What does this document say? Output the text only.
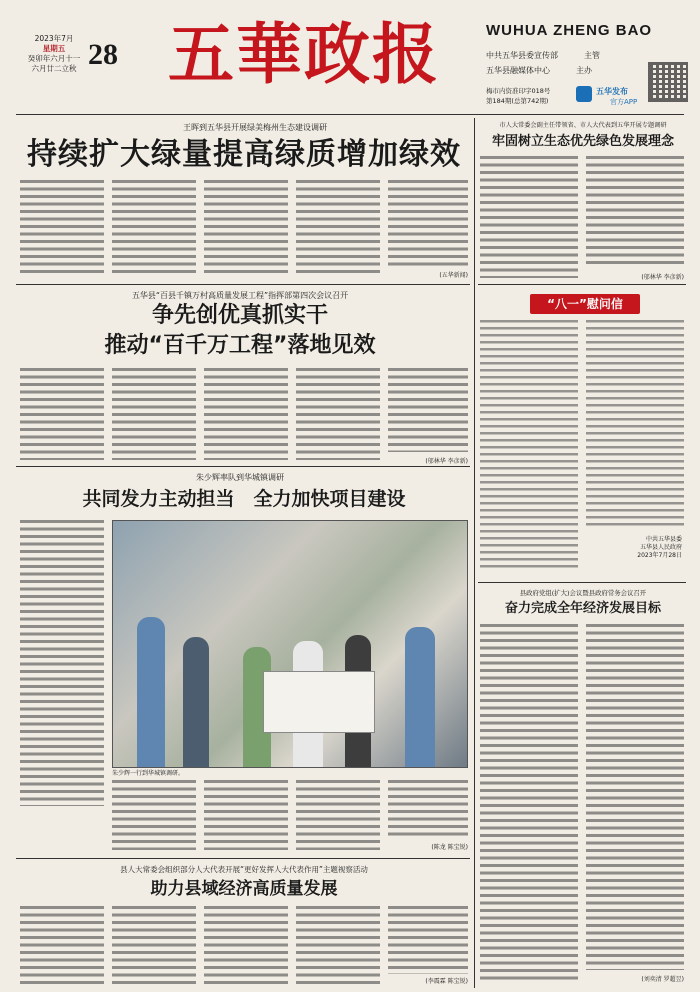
2023年7月
星期五
癸卯年六月十一
六月廿二立秋 28 五華政报	WUHUA ZHENG BAO
中共五华县委宣传部	主管
五华县融媒体中心	主办
梅市内资准印字018号
第184期(总第742期)
五华发布
官方APP
王晖到五华县开展绿美梅州生态建设调研
持续扩大绿量提高绿质增加绿效
(五华新闻)
市人大常委会副主任带领省、市人大代表到五华开展专题调研
牢固树立生态优先绿色发展理念
(邬林华 李彦新)
五华县“百县千镇万村高质量发展工程”指挥部第四次会议召开
争先创优真抓实干
推动“百千万工程”落地见效
(邬林华 李彦新)
“八一”慰问信
中共五华县委
五华县人民政府
2023年7月28日
朱少辉率队到华城镇调研
共同发力主动担当　全力加快项目建设
朱少辉一行到华城镇调研。
(陈龙 陈宝锐)
县政府党组(扩大)会议暨县政府常务会议召开
奋力完成全年经济发展目标
(刘奕清 罗超昱)
县人大常委会组织部分人大代表开展“更好发挥人大代表作用”主题视察活动
助力县域经济高质量发展
(李震霖 陈宝锐)
